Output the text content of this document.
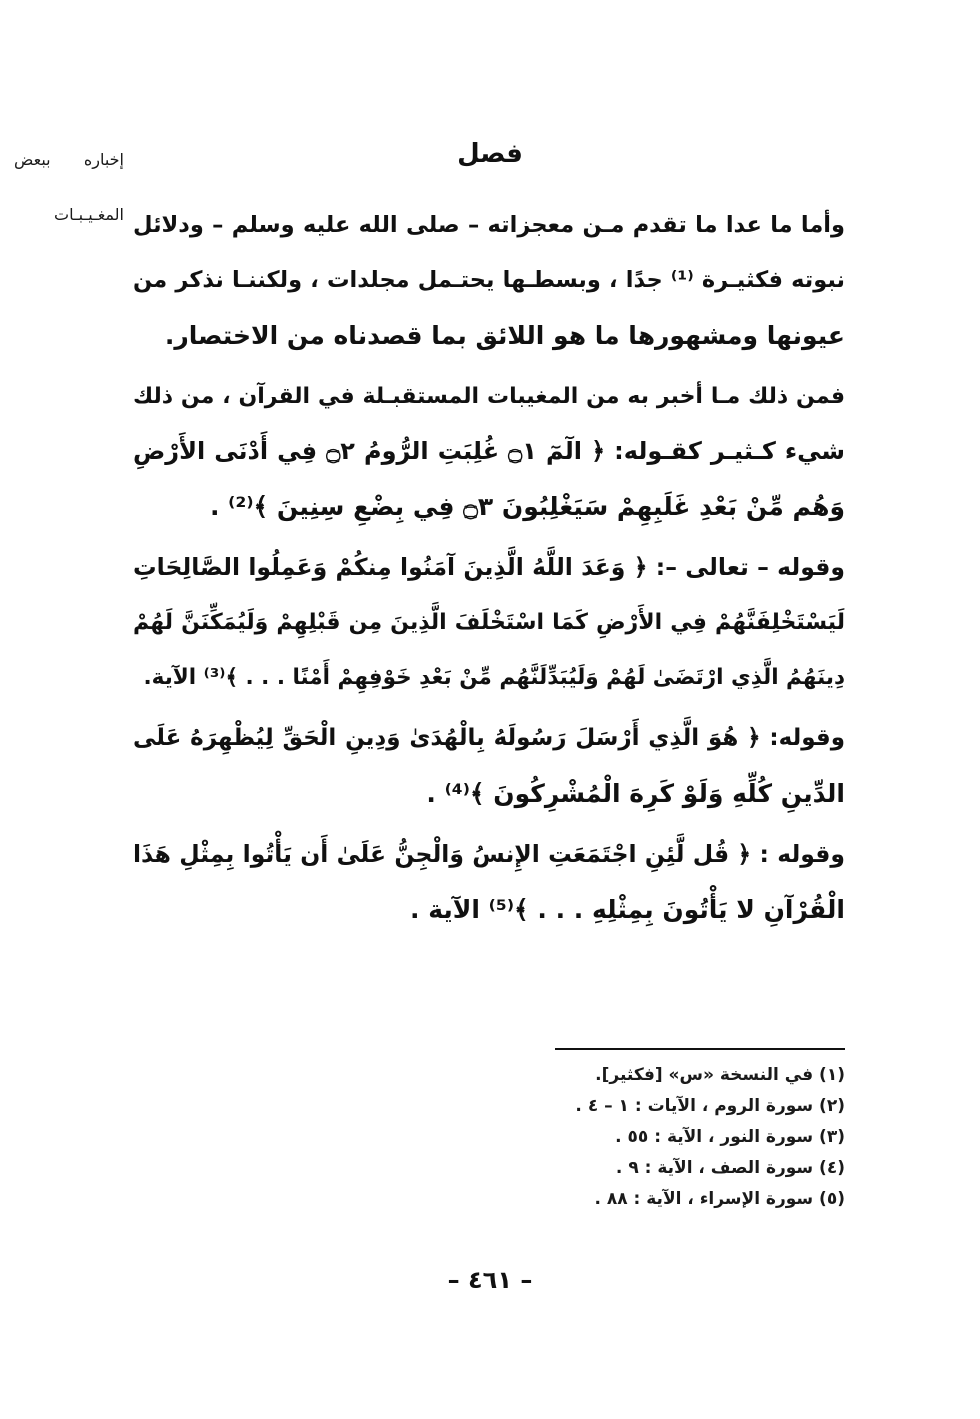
إخباره ببعض
المغـيـبـات
فصل
وأما ما عدا ما تقدم مـن معجزاته – صلى الله عليه وسلم – ودلائل
نبوته فكثيـرة ⁽¹⁾ جدًا ، وبسطـها يحتـمل مجلدات ، ولكننـا نذكر من
عيونها ومشهورها ما هو اللائق بما قصدناه من الاختصار.
فمن ذلك مـا أخبر به من المغيبات المستقبـلة في القرآن ، من ذلك
شيء كـثيـر كقـوله: ﴿ الٓمٓ ۝١ غُلِبَتِ الرُّومُ ۝٢ فِي أَدْنَى الأَرْضِ
وَهُم مِّنْ بَعْدِ غَلَبِهِمْ سَيَغْلِبُونَ ۝٣ فِي بِضْعِ سِنِينَ ﴾⁽²⁾ .
وقوله – تعالى –: ﴿ وَعَدَ اللَّهُ الَّذِينَ آمَنُوا مِنكُمْ وَعَمِلُوا الصَّالِحَاتِ
لَيَسْتَخْلِفَنَّهُمْ فِي الأَرْضِ كَمَا اسْتَخْلَفَ الَّذِينَ مِن قَبْلِهِمْ وَلَيُمَكِّنَنَّ لَهُمْ
دِينَهُمُ الَّذِي ارْتَضَىٰ لَهُمْ وَلَيُبَدِّلَنَّهُم مِّنْ بَعْدِ خَوْفِهِمْ أَمْنًا . . . ﴾⁽³⁾ الآية.
وقوله: ﴿ هُوَ الَّذِي أَرْسَلَ رَسُولَهُ بِالْهُدَىٰ وَدِينِ الْحَقِّ لِيُظْهِرَهُ عَلَى
الدِّينِ كُلِّهِ وَلَوْ كَرِهَ الْمُشْرِكُونَ ﴾⁽⁴⁾ .
وقوله : ﴿ قُل لَّئِنِ اجْتَمَعَتِ الإِنسُ وَالْجِنُّ عَلَىٰ أَن يَأْتُوا بِمِثْلِ هَذَا
الْقُرْآنِ لا يَأْتُونَ بِمِثْلِهِ . . . ﴾⁽⁵⁾ الآية .
(١) في النسخة «س» [فكثير].
(٢) سورة الروم ، الآيات : ١ – ٤ .
(٣) سورة النور ، الآية : ٥٥ .
(٤) سورة الصف ، الآية : ٩ .
(٥) سورة الإسراء ، الآية : ٨٨ .
– ٤٦١ –
